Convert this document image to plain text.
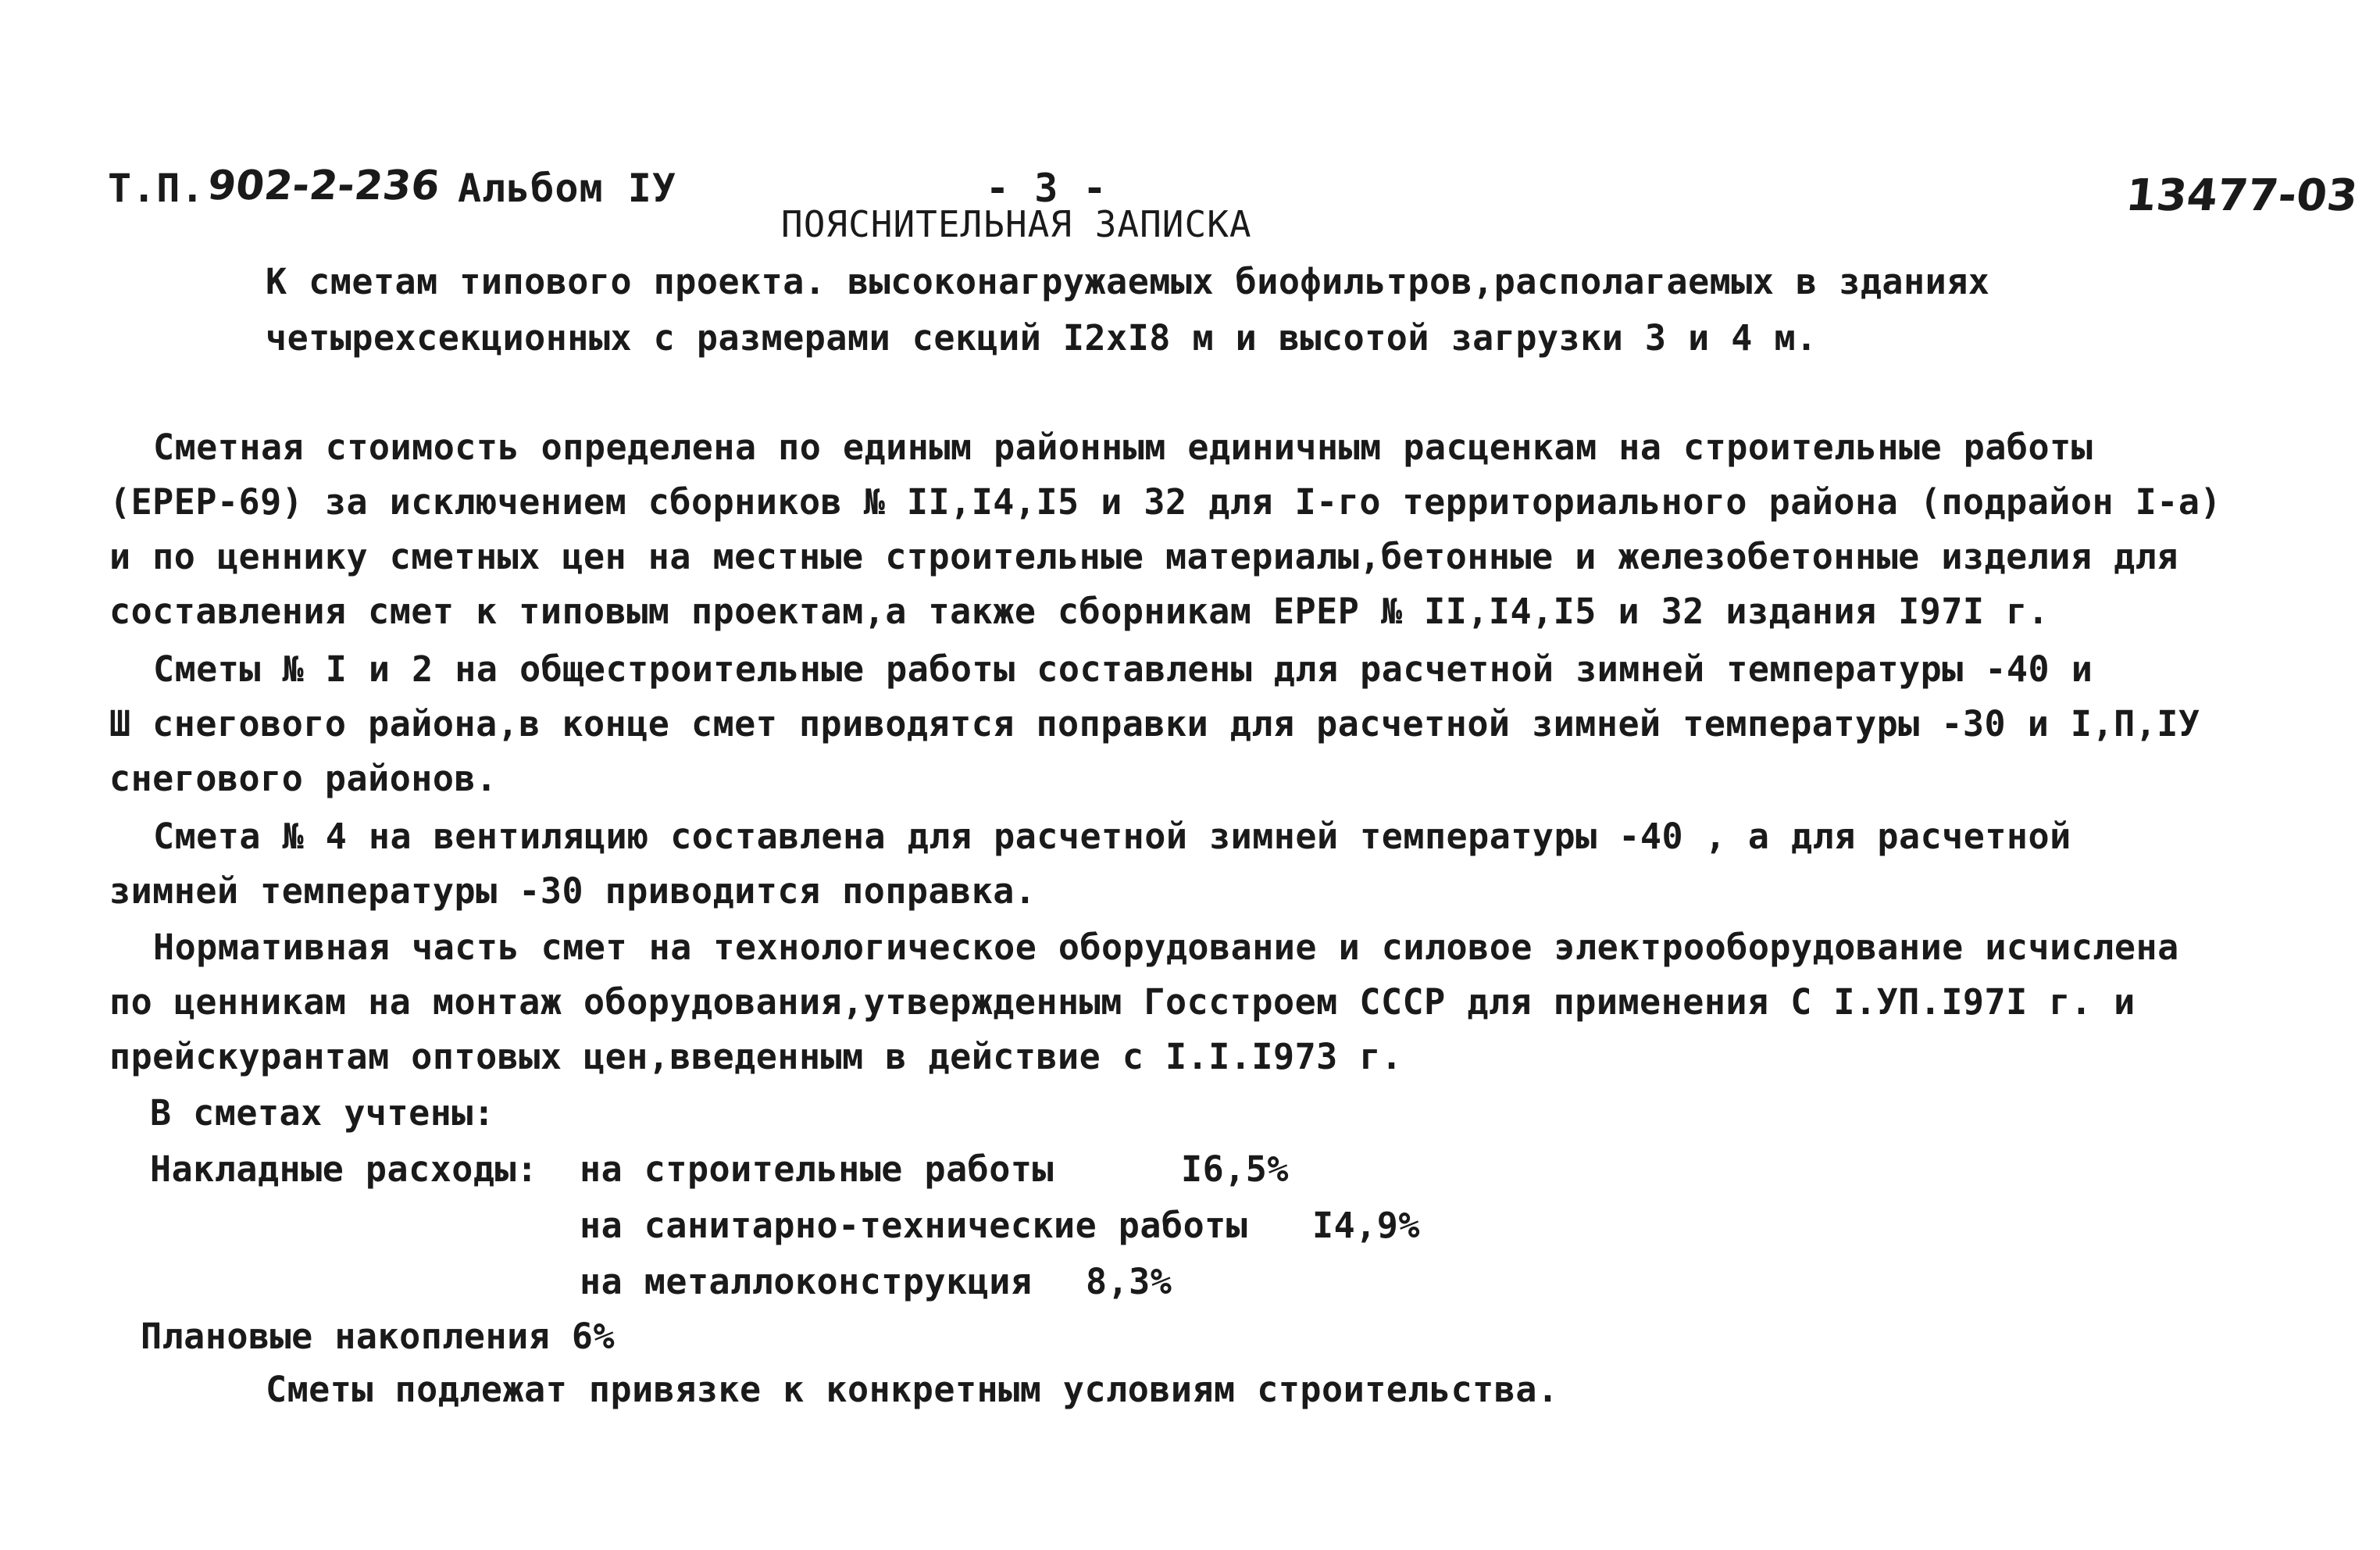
Т.П. 902-2-236 Альбом IУ	- 3 -	13477-03
ПОЯСНИТЕЛЬНАЯ ЗАПИСКА
К сметам типового проекта. высоконагружаемых биофильтров,располагаемых в зданиях
четырехсекционных с размерами секций I2xI8 м и высотой загрузки 3 и 4 м.
Сметная стоимость определена по единым районным единичным расценкам на строительные работы
(ЕРЕР-69) за исключением сборников № II,I4,I5 и 32 для I-го территориального района (подрайон I-а)
и по ценнику сметных цен на местные строительные материалы,бетонные и железобетонные изделия для
составления смет к типовым проектам,а также сборникам ЕРЕР № II,I4,I5 и 32 издания I97I г.
Сметы № I и 2 на общестроительные работы составлены для расчетной зимней температуры -40 и
Ш снегового района,в конце смет приводятся поправки для расчетной зимней температуры -30 и I,П,IУ
снегового районов.
Смета № 4 на вентиляцию составлена для расчетной зимней температуры -40 , а для расчетной
зимней температуры -30 приводится поправка.
Нормативная часть смет на технологическое оборудование и силовое электрооборудование исчислена
по ценникам на монтаж оборудования,утвержденным Госстроем СССР для применения С I.УП.I97I г. и
прейскурантам оптовых цен,введенным в действие с I.I.I973 г.
В сметах учтены:
Накладные расходы: на строительные работы	I6,5%
на санитарно-технические работы I4,9%
на металлоконструкция 8,3%
Плановые накопления 6%
Сметы подлежат привязке к конкретным условиям строительства.
